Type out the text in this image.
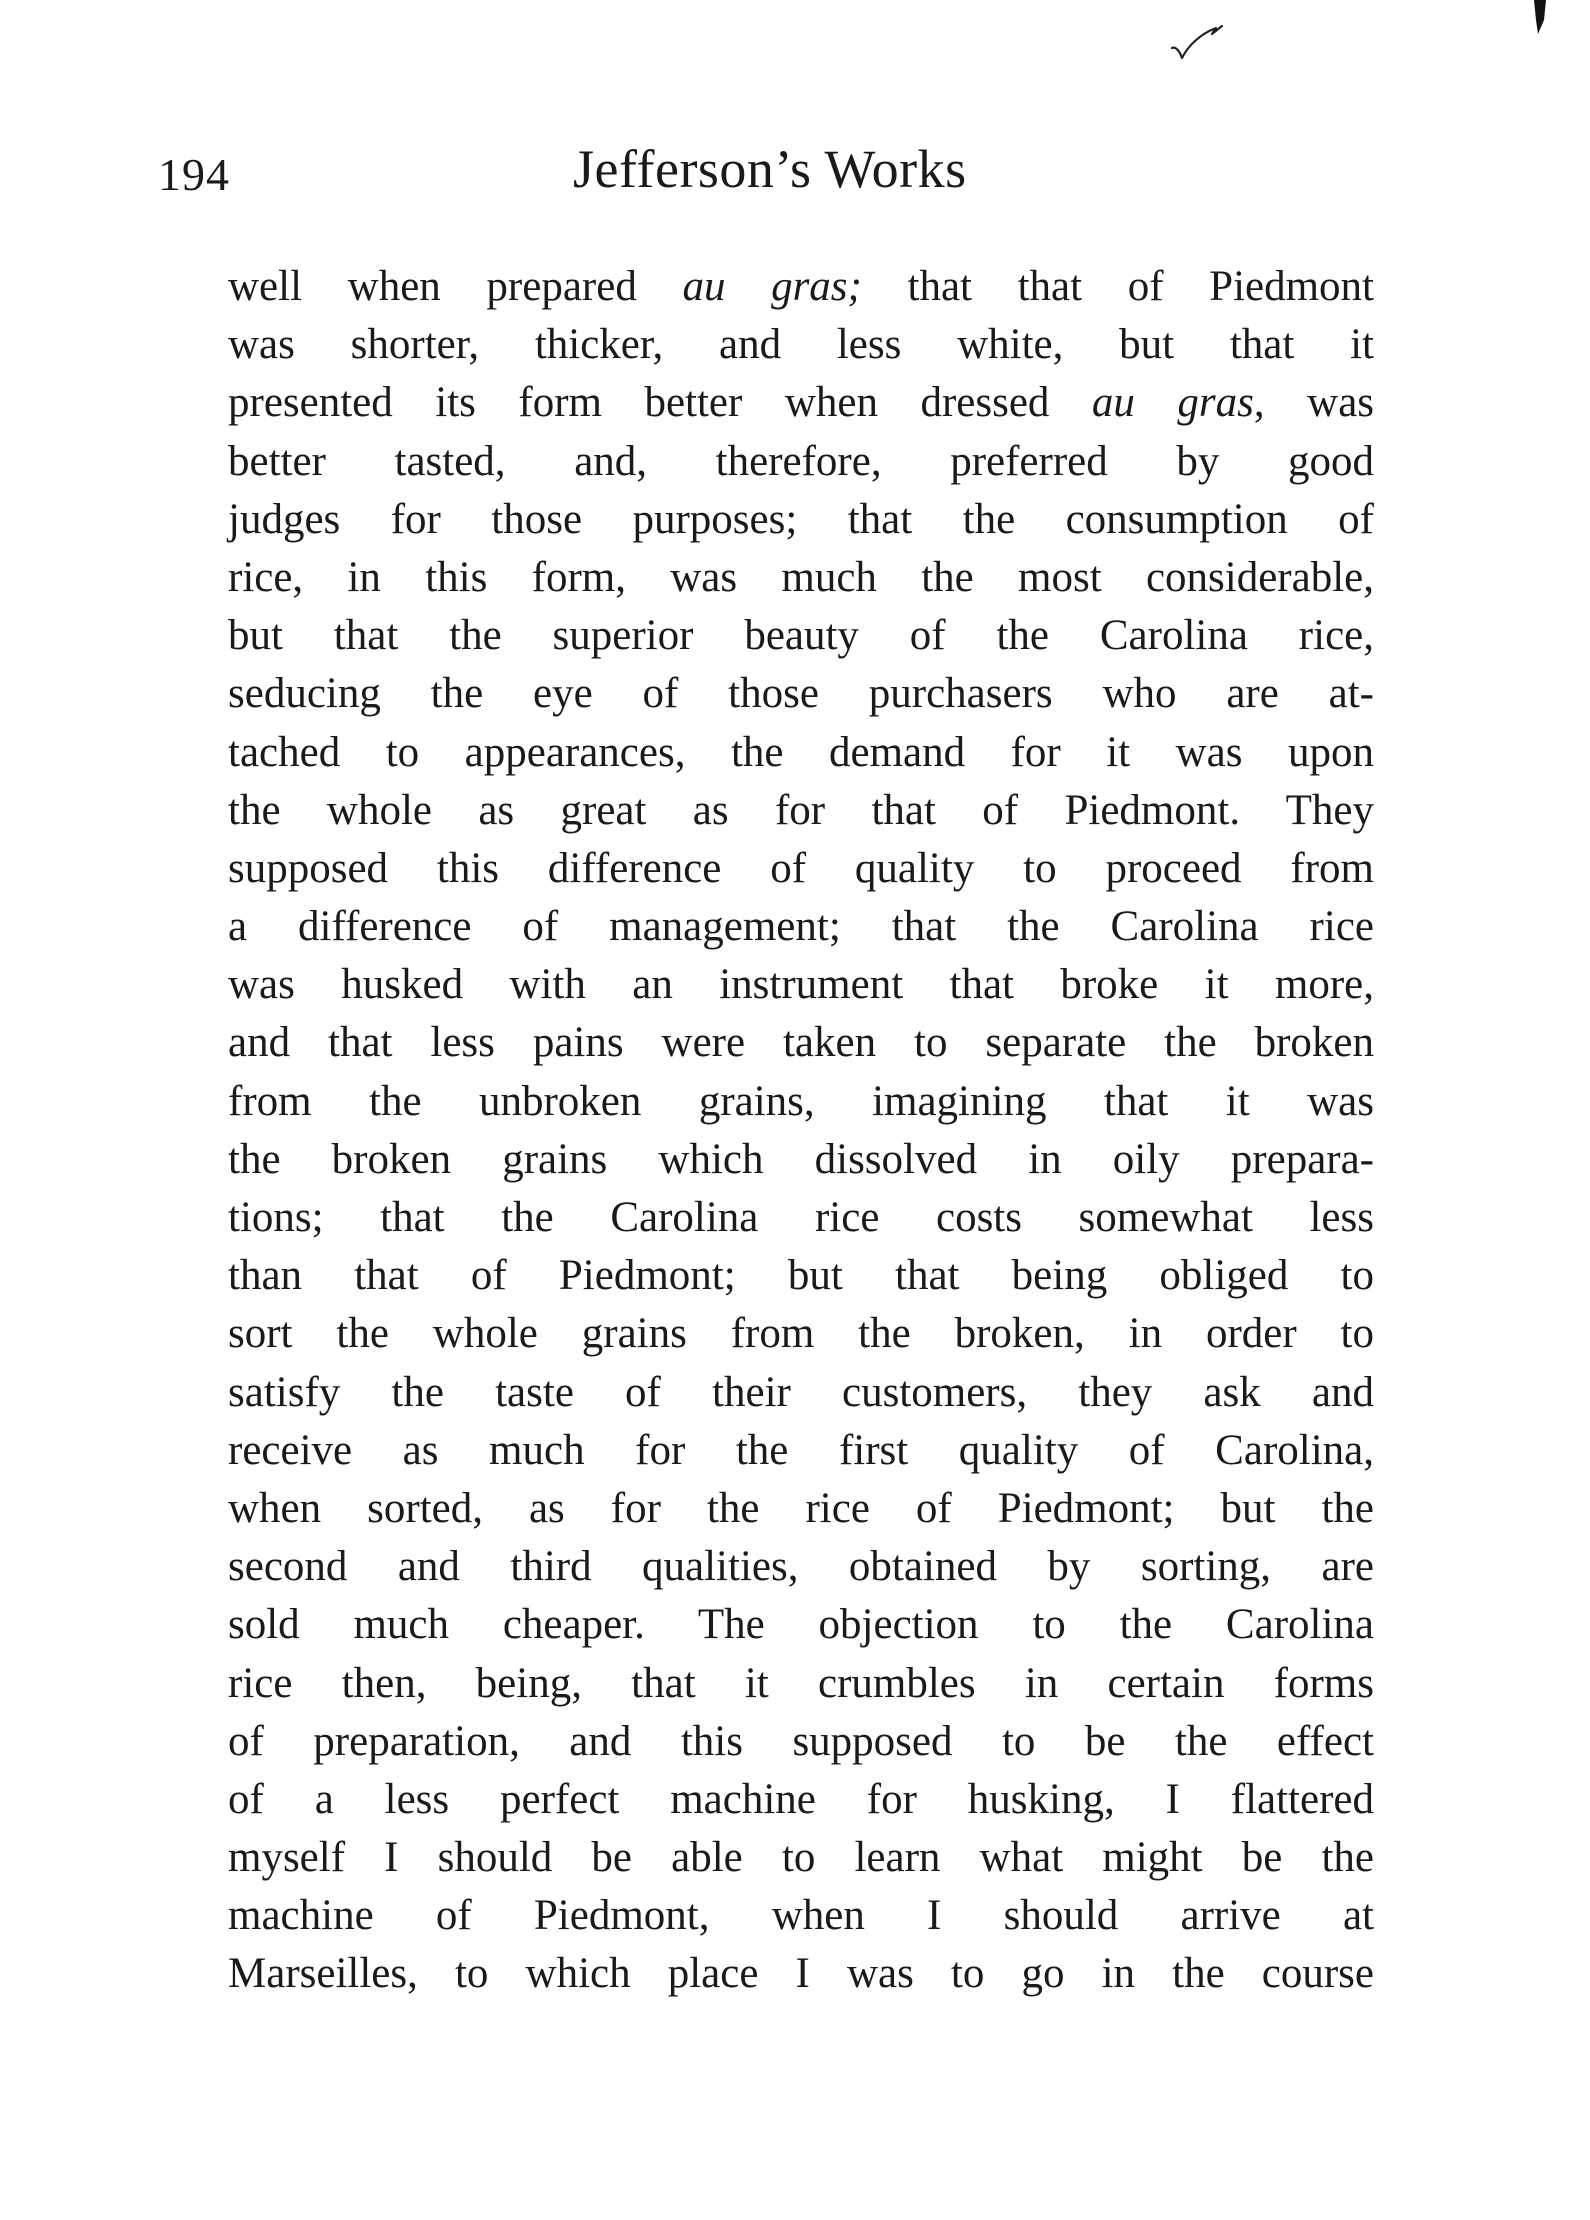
194	Jefferson’s Works
well when prepared au gras; that that of Piedmont
was shorter, thicker, and less white, but that it
presented its form better when dressed au gras, was
better tasted, and, therefore, preferred by good
judges for those purposes; that the consumption of
rice, in this form, was much the most considerable,
but that the superior beauty of the Carolina rice,
seducing the eye of those purchasers who are at-
tached to appearances, the demand for it was upon
the whole as great as for that of Piedmont. They
supposed this difference of quality to proceed from
a difference of management; that the Carolina rice
was husked with an instrument that broke it more,
and that less pains were taken to separate the broken
from the unbroken grains, imagining that it was
the broken grains which dissolved in oily prepara-
tions; that the Carolina rice costs somewhat less
than that of Piedmont; but that being obliged to
sort the whole grains from the broken, in order to
satisfy the taste of their customers, they ask and
receive as much for the first quality of Carolina,
when sorted, as for the rice of Piedmont; but the
second and third qualities, obtained by sorting, are
sold much cheaper. The objection to the Carolina
rice then, being, that it crumbles in certain forms
of preparation, and this supposed to be the effect
of a less perfect machine for husking, I flattered
myself I should be able to learn what might be the
machine of Piedmont, when I should arrive at
Marseilles, to which place I was to go in the course
